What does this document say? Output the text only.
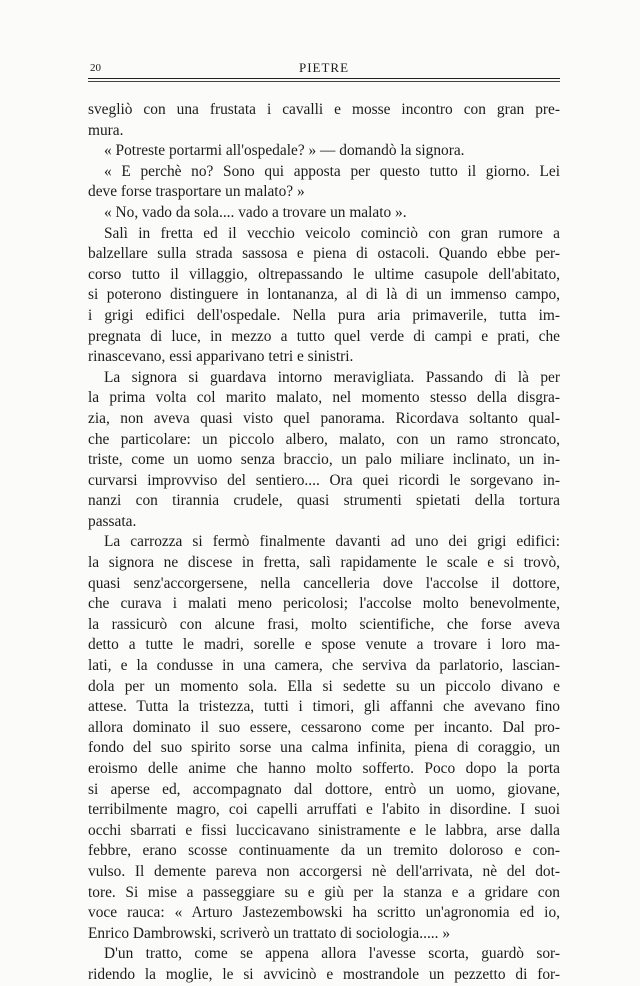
20	PIETRE
svegliò con una frustata i cavalli e mosse incontro con gran pre-
mura.
« Potreste portarmi all'ospedale? » — domandò la signora.
« E perchè no? Sono qui apposta per questo tutto il giorno. Lei
deve forse trasportare un malato? »
« No, vado da sola.... vado a trovare un malato ».
Salì in fretta ed il vecchio veicolo cominciò con gran rumore a
balzellare sulla strada sassosa e piena di ostacoli. Quando ebbe per-
corso tutto il villaggio, oltrepassando le ultime casupole dell'abitato,
si poterono distinguere in lontananza, al di là di un immenso campo,
i grigi edifici dell'ospedale. Nella pura aria primaverile, tutta im-
pregnata di luce, in mezzo a tutto quel verde di campi e prati, che
rinascevano, essi apparivano tetri e sinistri.
La signora si guardava intorno meravigliata. Passando di là per
la prima volta col marito malato, nel momento stesso della disgra-
zia, non aveva quasi visto quel panorama. Ricordava soltanto qual-
che particolare: un piccolo albero, malato, con un ramo stroncato,
triste, come un uomo senza braccio, un palo miliare inclinato, un in-
curvarsi improvviso del sentiero.... Ora quei ricordi le sorgevano in-
nanzi con tirannia crudele, quasi strumenti spietati della tortura
passata.
La carrozza si fermò finalmente davanti ad uno dei grigi edifici:
la signora ne discese in fretta, salì rapidamente le scale e si trovò,
quasi senz'accorgersene, nella cancelleria dove l'accolse il dottore,
che curava i malati meno pericolosi; l'accolse molto benevolmente,
la rassicurò con alcune frasi, molto scientifiche, che forse aveva
detto a tutte le madri, sorelle e spose venute a trovare i loro ma-
lati, e la condusse in una camera, che serviva da parlatorio, lascian-
dola per un momento sola. Ella si sedette su un piccolo divano e
attese. Tutta la tristezza, tutti i timori, gli affanni che avevano fino
allora dominato il suo essere, cessarono come per incanto. Dal pro-
fondo del suo spirito sorse una calma infinita, piena di coraggio, un
eroismo delle anime che hanno molto sofferto. Poco dopo la porta
si aperse ed, accompagnato dal dottore, entrò un uomo, giovane,
terribilmente magro, coi capelli arruffati e l'abito in disordine. I suoi
occhi sbarrati e fissi luccicavano sinistramente e le labbra, arse dalla
febbre, erano scosse continuamente da un tremito doloroso e con-
vulso. Il demente pareva non accorgersi nè dell'arrivata, nè del dot-
tore. Si mise a passeggiare su e giù per la stanza e a gridare con
voce rauca: « Arturo Jastezembowski ha scritto un'agronomia ed io,
Enrico Dambrowski, scriverò un trattato di sociologia..... »
D'un tratto, come se appena allora l'avesse scorta, guardò sor-
ridendo la moglie, le si avvicinò e mostrandole un pezzetto di for-
